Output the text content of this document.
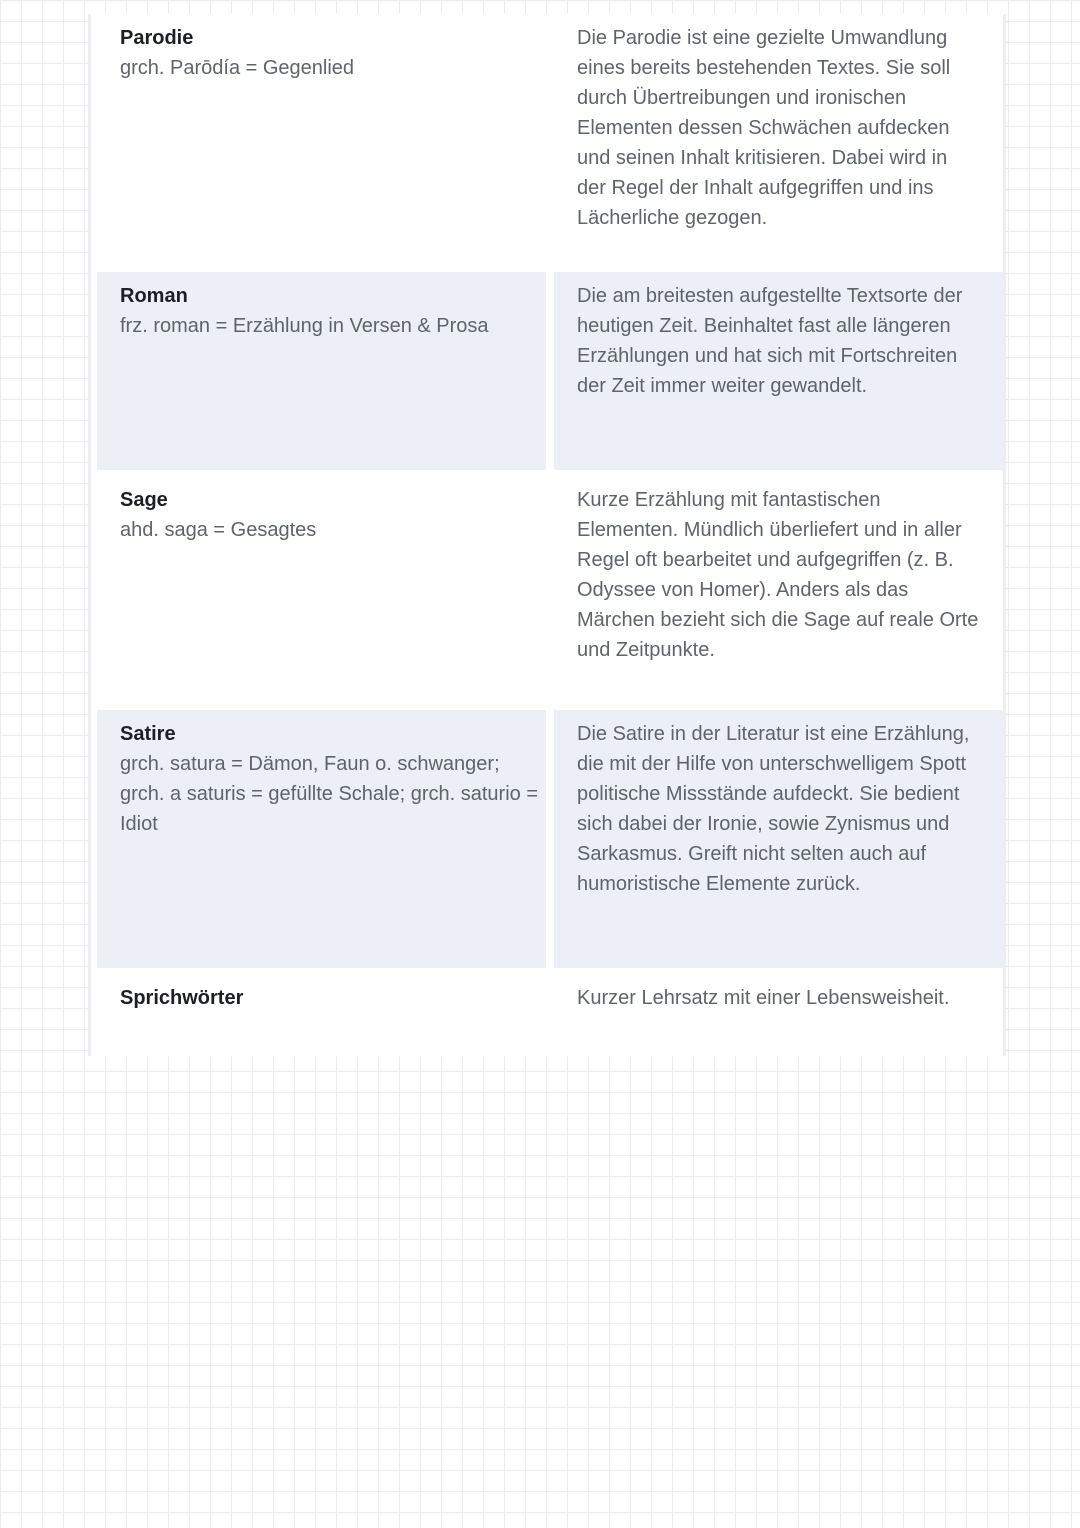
Parodie
grch. Parōdía = Gegenlied
Die Parodie ist eine gezielte Umwandlung eines bereits bestehenden Textes. Sie soll durch Übertreibungen und ironischen Elementen dessen Schwächen aufdecken und seinen Inhalt kritisieren. Dabei wird in der Regel der Inhalt aufgegriffen und ins Lächerliche gezogen.
Roman
frz. roman = Erzählung in Versen & Prosa
Die am breitesten aufgestellte Textsorte der heutigen Zeit. Beinhaltet fast alle längeren Erzählungen und hat sich mit Fortschreiten der Zeit immer weiter gewandelt.
Sage
ahd. saga = Gesagtes
Kurze Erzählung mit fantastischen Elementen. Mündlich überliefert und in aller Regel oft bearbeitet und aufgegriffen (z. B. Odyssee von Homer). Anders als das Märchen bezieht sich die Sage auf reale Orte und Zeitpunkte.
Satire
grch. satura = Dämon, Faun o. schwanger; grch. a saturis = gefüllte Schale; grch. saturio = Idiot
Die Satire in der Literatur ist eine Erzählung, die mit der Hilfe von unterschwelligem Spott politische Missstände aufdeckt. Sie bedient sich dabei der Ironie, sowie Zynismus und Sarkasmus. Greift nicht selten auch auf humoristische Elemente zurück.
Sprichwörter	Kurzer Lehrsatz mit einer Lebensweisheit.
